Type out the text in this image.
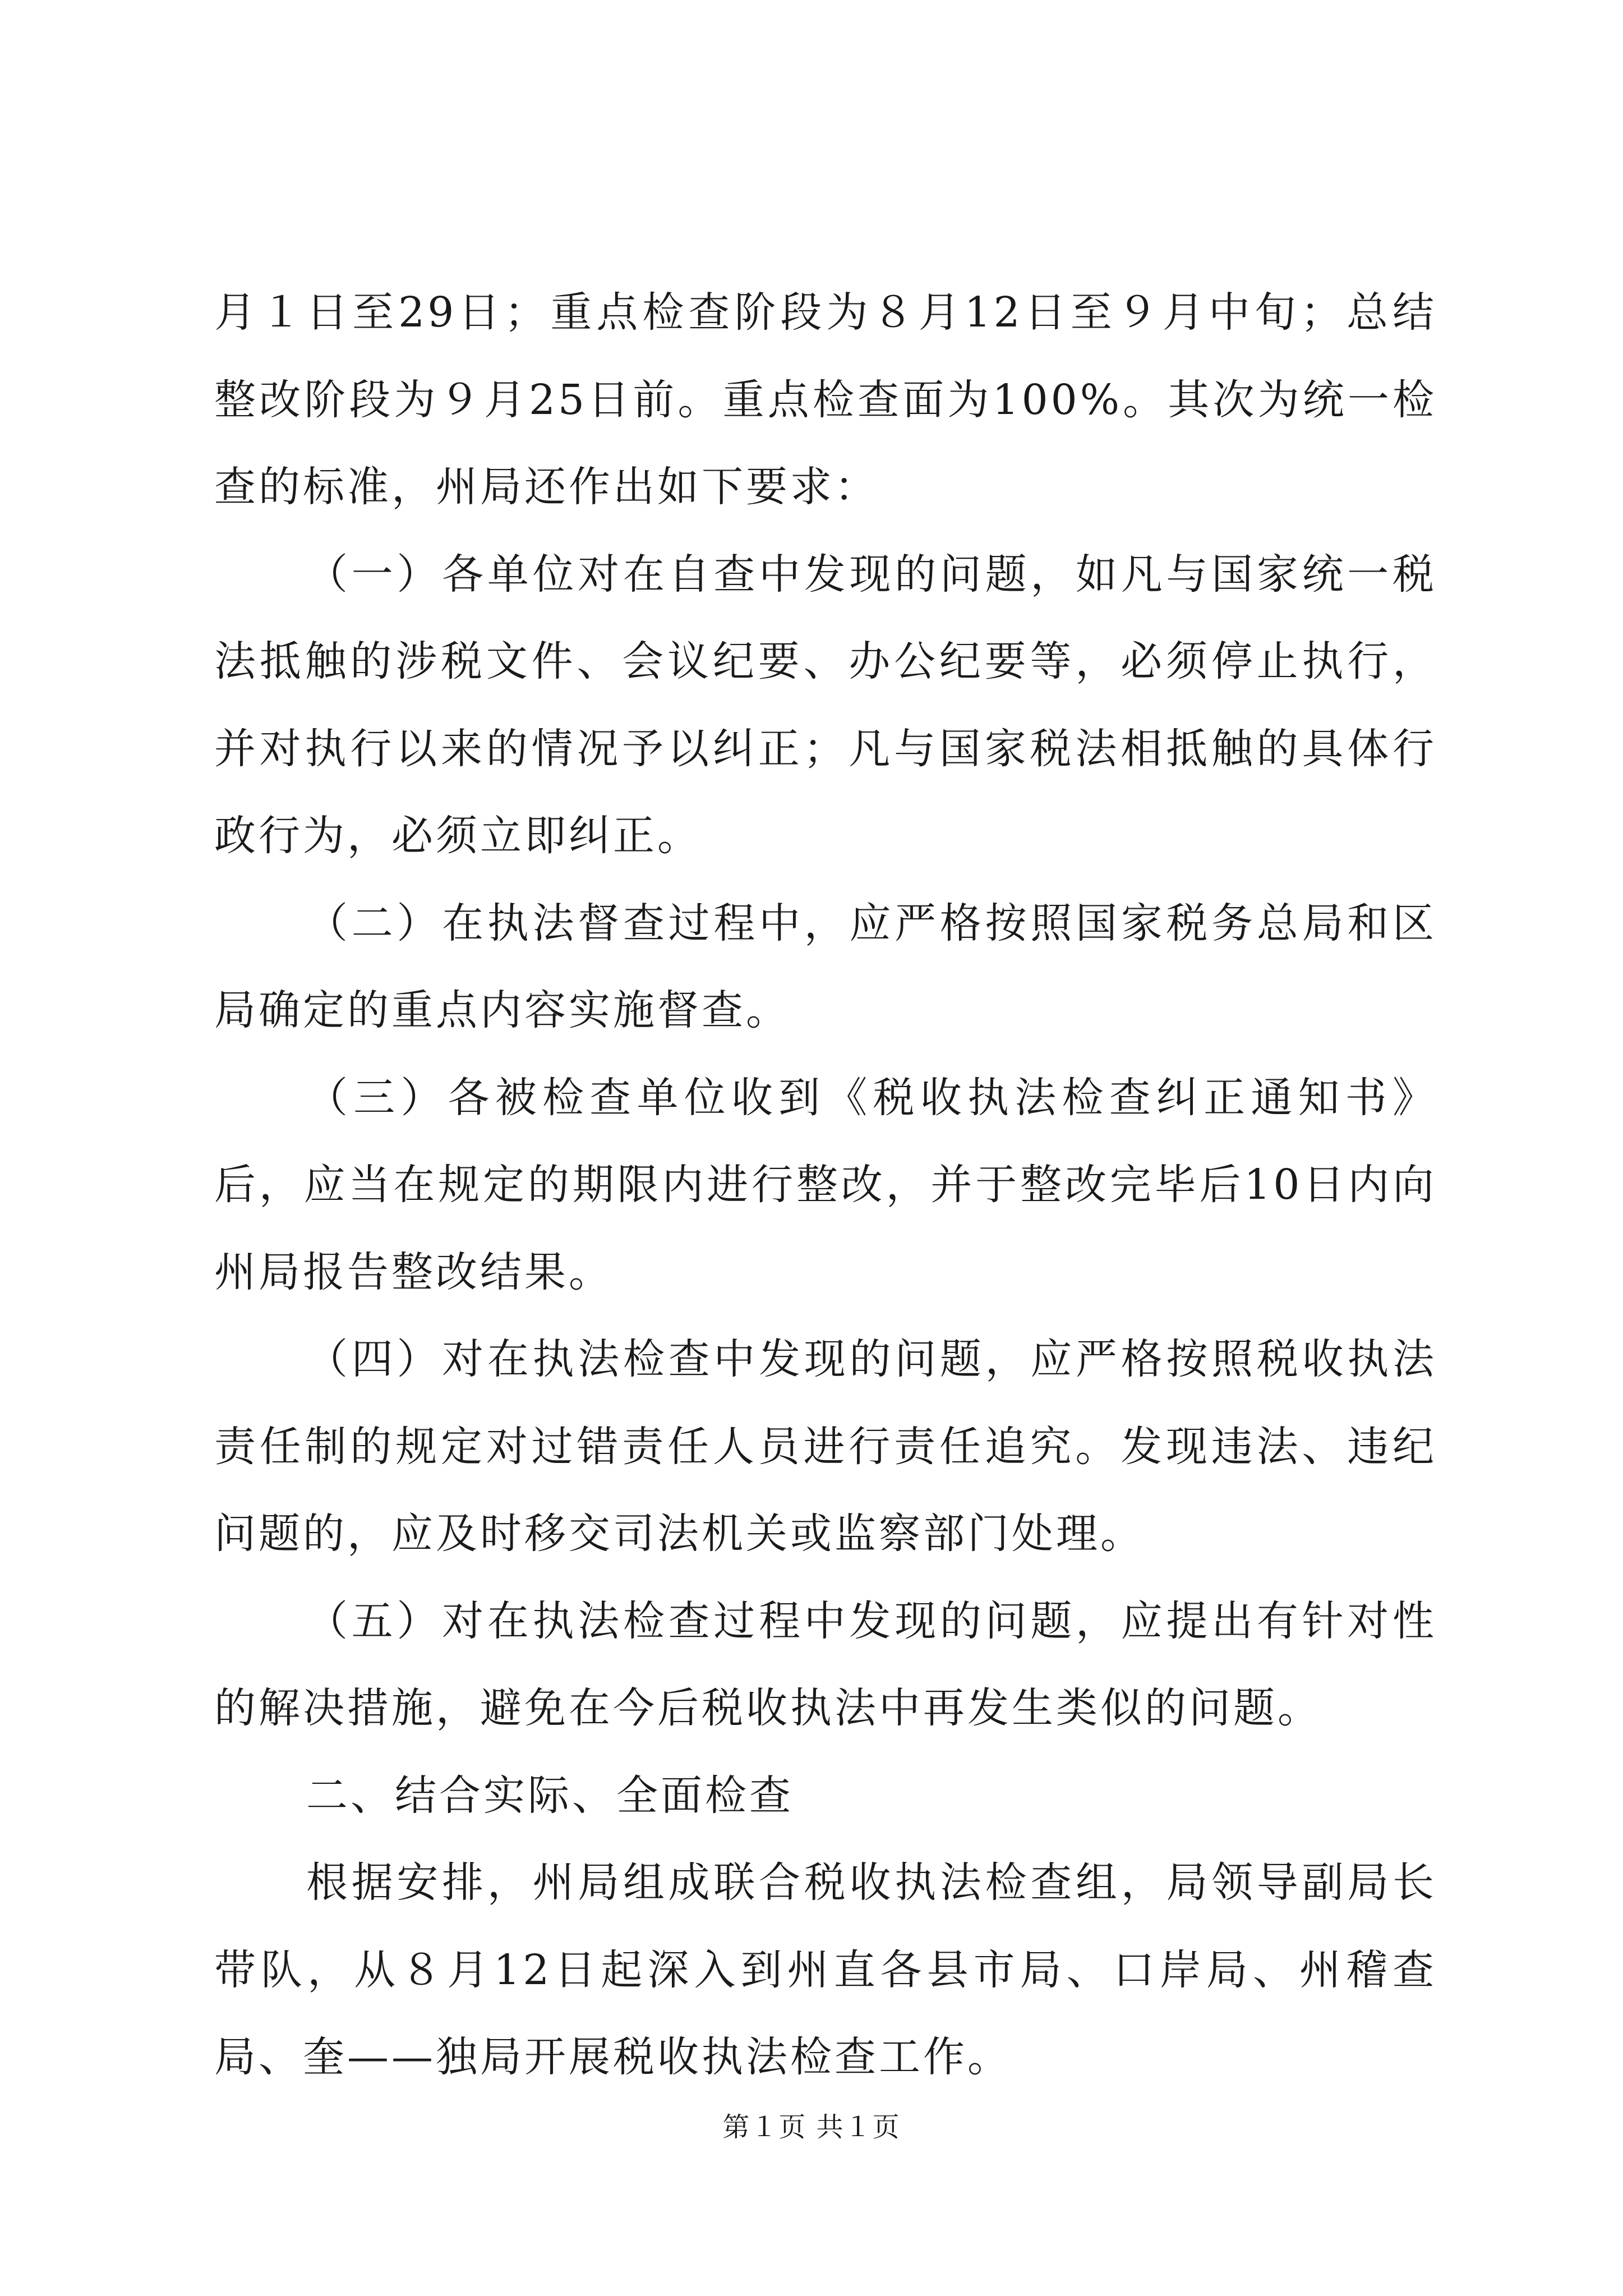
月１日至29日；重点检查阶段为８月12日至９月中旬；总结整改阶段为９月25日前。重点检查面为100%。其次为统一检查的标准，州局还作出如下要求：

（一）各单位对在自查中发现的问题，如凡与国家统一税法抵触的涉税文件、会议纪要、办公纪要等，必须停止执行，并对执行以来的情况予以纠正；凡与国家税法相抵触的具体行政行为，必须立即纠正。

（二）在执法督查过程中，应严格按照国家税务总局和区局确定的重点内容实施督查。

（三）各被检查单位收到《税收执法检查纠正通知书》后，应当在规定的期限内进行整改，并于整改完毕后10日内向州局报告整改结果。

（四）对在执法检查中发现的问题，应严格按照税收执法责任制的规定对过错责任人员进行责任追究。发现违法、违纪问题的，应及时移交司法机关或监察部门处理。

（五）对在执法检查过程中发现的问题，应提出有针对性的解决措施，避免在今后税收执法中再发生类似的问题。

二、结合实际、全面检查

根据安排，州局组成联合税收执法检查组，局领导副局长带队，从８月12日起深入到州直各县市局、口岸局、州稽查局、奎——独局开展税收执法检查工作。

第１页 共１页
